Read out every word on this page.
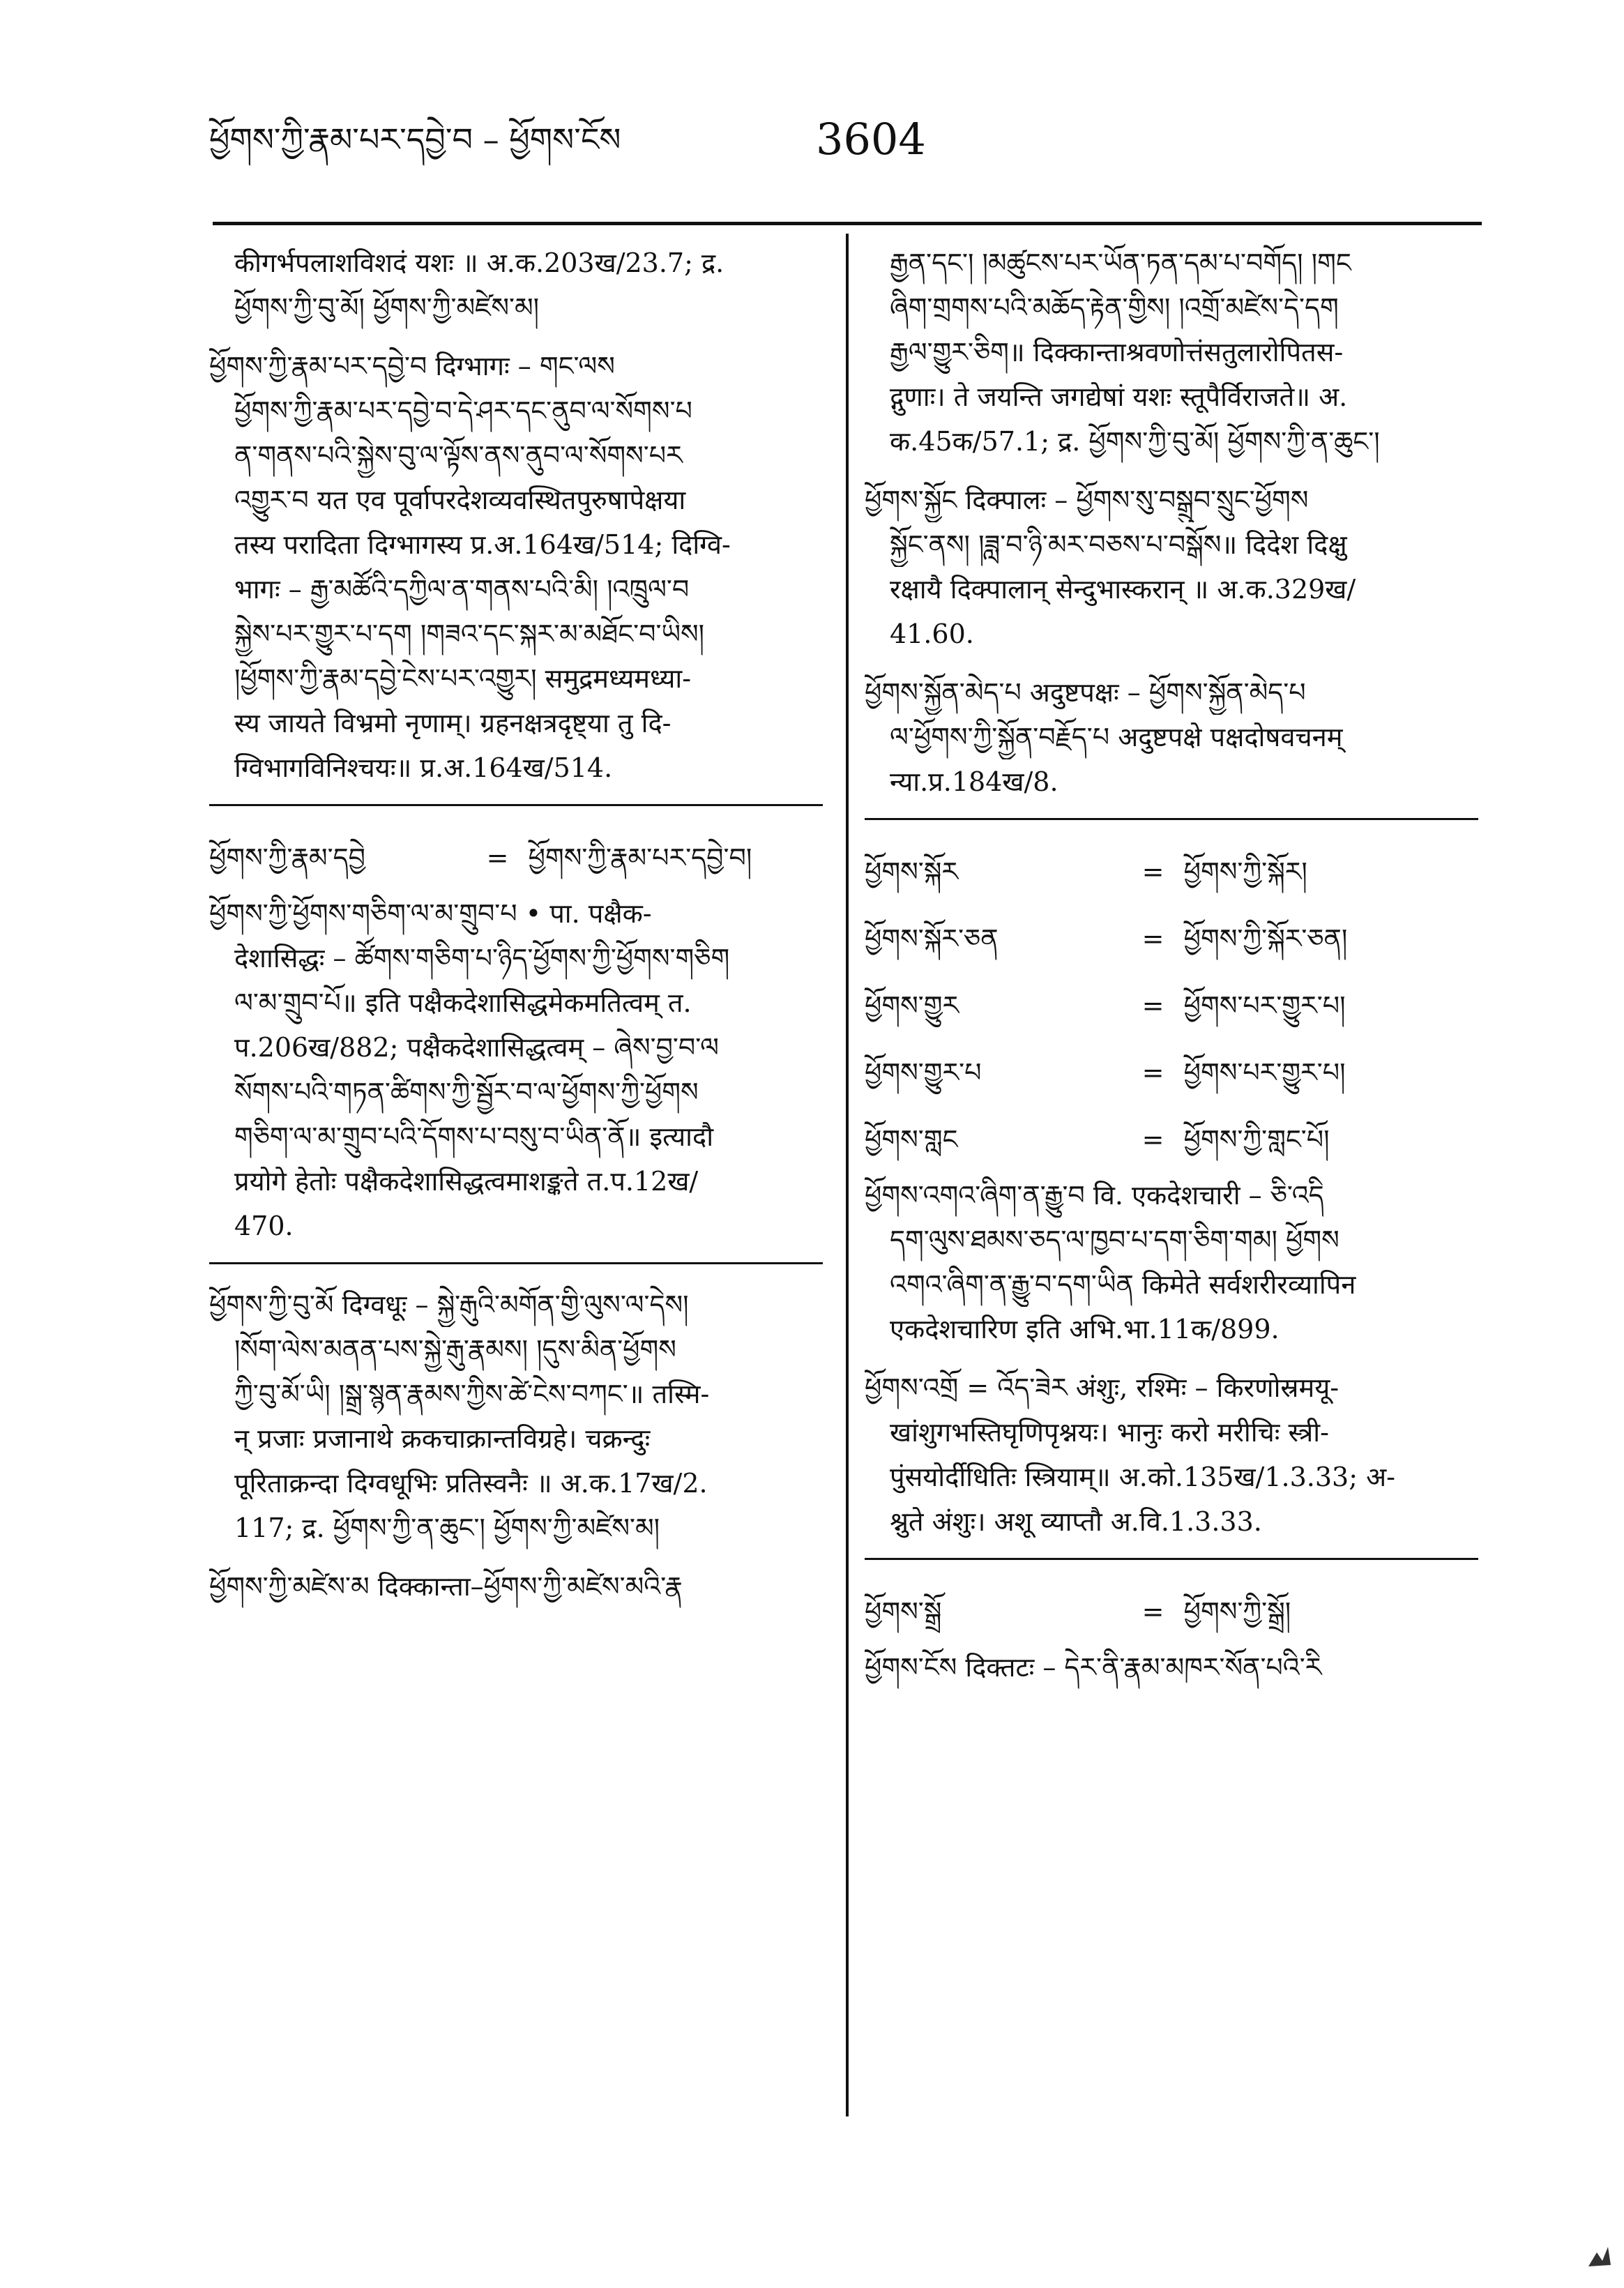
ཕྱོགས་ཀྱི་རྣམ་པར་དབྱེ་བ – ཕྱོགས་ངོས	3604
कीगर्भपलाशविशदं यशः ॥ अ.क.203ख/23.7; द्र.
ཕྱོགས་ཀྱི་བུ་མོ། ཕྱོགས་ཀྱི་མཛེས་མ།
ཕྱོགས་ཀྱི་རྣམ་པར་དབྱེ་བ दिग्भागः – གང་ལས
ཕྱོགས་ཀྱི་རྣམ་པར་དབྱེ་བ་དེ་ཤར་དང་ནུབ་ལ་སོགས་པ
ན་གནས་པའི་སྐྱེས་བུ་ལ་ལྟོས་ནས་ནུབ་ལ་སོགས་པར
འགྱུར་བ यत एव पूर्वापरदेशव्यवस्थितपुरुषापेक्षया
तस्य परादिता दिग्भागस्य प्र.अ.164ख/514; दिग्वि-
भागः – རྒྱ་མཚོའི་དཀྱིལ་ན་གནས་པའི་མི། །འཁྲུལ་བ
སྐྱེས་པར་གྱུར་པ་དག །གཟའ་དང་སྐར་མ་མཐོང་བ་ཡིས།
།ཕྱོགས་ཀྱི་རྣམ་དབྱེ་ངེས་པར་འགྱུར། समुद्रमध्यमध्या-
स्य जायते विभ्रमो नृणाम्। ग्रहनक्षत्रदृष्ट्या तु दि-
ग्विभागविनिश्चयः॥ प्र.अ.164ख/514.
ཕྱོགས་ཀྱི་རྣམ་དབྱེ	= ཕྱོགས་ཀྱི་རྣམ་པར་དབྱེ་བ།
ཕྱོགས་ཀྱི་ཕྱོགས་གཅིག་ལ་མ་གྲུབ་པ • पा. पक्षैक-
देशासिद्धः – ཚོགས་གཅིག་པ་ཉིད་ཕྱོགས་ཀྱི་ཕྱོགས་གཅིག
ལ་མ་གྲུབ་པོ॥ इति पक्षैकदेशासिद्धमेकमतित्वम् त.
प.206ख/882; पक्षैकदेशासिद्धत्वम् – ཞེས་བྱ་བ་ལ
སོགས་པའི་གཏན་ཚིགས་ཀྱི་སྦྱོར་བ་ལ་ཕྱོགས་ཀྱི་ཕྱོགས
གཅིག་ལ་མ་གྲུབ་པའི་དོགས་པ་བསུ་བ་ཡིན་ནོ॥ इत्यादौ
प्रयोगे हेतोः पक्षैकदेशासिद्धत्वमाशङ्कते त.प.12ख/
470.
ཕྱོགས་ཀྱི་བུ་མོ दिग्वधूः – སྐྱེ་རྒུའི་མགོན་གྱི་ལུས་ལ་དེས།
།སོག་ལེས་མནན་པས་སྐྱེ་རྒུ་རྣམས། །དུས་མིན་ཕྱོགས
ཀྱི་བུ་མོ་ཡི། །སྒྲ་སྙན་རྣམས་ཀྱིས་ཚེ་ངེས་བཀང་॥ तस्मि-
न् प्रजाः प्रजानाथे क्रकचाक्रान्तविग्रहे। चक्रन्दुः
पूरिताक्रन्दा दिग्वधूभिः प्रतिस्वनैः ॥ अ.क.17ख/2.
117; द्र. ཕྱོགས་ཀྱི་ན་ཆུང་། ཕྱོགས་ཀྱི་མཛེས་མ།
ཕྱོགས་ཀྱི་མཛེས་མ दिक्कान्ता–ཕྱོགས་ཀྱི་མཛེས་མའི་རྣ
རྒྱན་དང་། །མཚུངས་པར་ཡོན་ཏན་དམ་པ་བགོད། །གང
ཞིག་གྲགས་པའི་མཆོད་རྟེན་གྱིས། །འགྲོ་མཛེས་དེ་དག
རྒྱལ་གྱུར་ཅིག॥ दिक्कान्ताश्रवणोत्तंसतुलारोपितस-
द्गुणाः। ते जयन्ति जगद्येषां यशः स्तूपैर्विराजते॥ अ.
क.45क/57.1; द्र. ཕྱོགས་ཀྱི་བུ་མོ། ཕྱོགས་ཀྱི་ན་ཆུང་།
ཕྱོགས་སྐྱོང दिक्पालः – ཕྱོགས་སུ་བསྒྲུབ་སྲུང་ཕྱོགས
སྐྱོང་ནས། །ཟླ་བ་ཉི་མར་བཅས་པ་བསྒོས॥ दिदेश दिक्षु
रक्षायै दिक्पालान् सेन्दुभास्करान् ॥ अ.क.329ख/
41.60.
ཕྱོགས་སྐྱོན་མེད་པ अदुष्टपक्षः – ཕྱོགས་སྐྱོན་མེད་པ
ལ་ཕྱོགས་ཀྱི་སྐྱོན་བརྗོད་པ अदुष्टपक्षे पक्षदोषवचनम्
न्या.प्र.184ख/8.
ཕྱོགས་སྐོར	= ཕྱོགས་ཀྱི་སྐོར།
ཕྱོགས་སྐོར་ཅན	= ཕྱོགས་ཀྱི་སྐོར་ཅན།
ཕྱོགས་གྱུར	= ཕྱོགས་པར་གྱུར་པ།
ཕྱོགས་གྱུར་པ	= ཕྱོགས་པར་གྱུར་པ།
ཕྱོགས་གླང	= ཕྱོགས་ཀྱི་གླང་པོ།
ཕྱོགས་འགའ་ཞིག་ན་རྒྱུ་བ वि. एकदेशचारी – ཅི་འདི
དག་ལུས་ཐམས་ཅད་ལ་ཁྱབ་པ་དག་ཅིག་གམ། ཕྱོགས
འགའ་ཞིག་ན་རྒྱུ་བ་དག་ཡིན किमेते सर्वशरीरव्यापिन
एकदेशचारिण इति अभि.भा.11क/899.
ཕྱོགས་འགྲོ = འོད་ཟེར अंशुः, रश्मिः – किरणोस्रमयू-
खांशुगभस्तिघृणिपृश्नयः। भानुः करो मरीचिः स्त्री-
पुंसयोर्दीधितिः स्त्रियाम्॥ अ.को.135ख/1.3.33; अ-
श्नुते अंशुः। अशू व्याप्तौ अ.वि.1.3.33.
ཕྱོགས་སྒྲོ	= ཕྱོགས་ཀྱི་སྒྲོ།
ཕྱོགས་ངོས दिक्तटः – དེར་ནི་རྣམ་མཁར་སོན་པའི་རི
